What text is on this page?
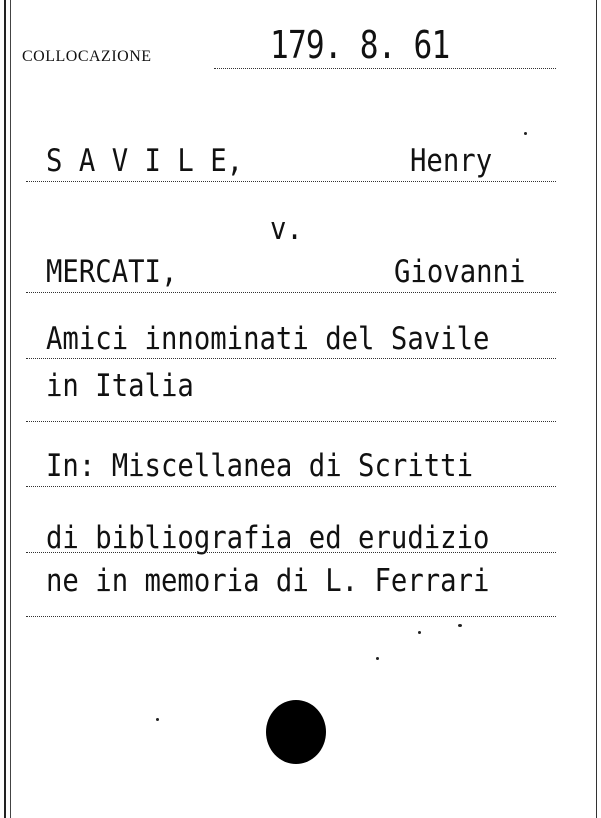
COLLOCAZIONE	179. 8. 61
S A V I L E,	Henry
v.
MERCATI,	Giovanni
Amici innominati del Savile
in Italia
In: Miscellanea di Scritti
di bibliografia ed erudizio
ne in memoria di L. Ferrari
